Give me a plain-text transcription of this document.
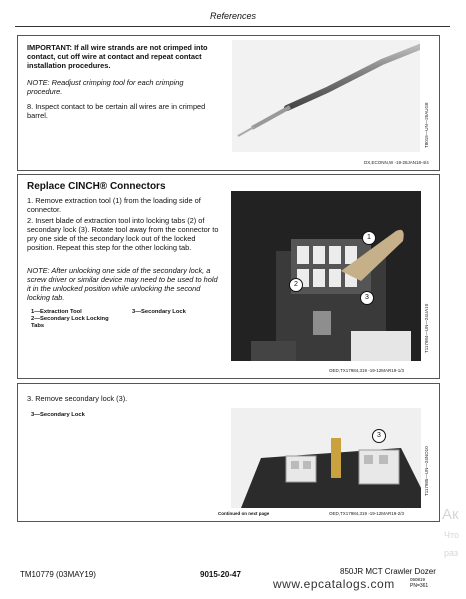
References
IMPORTANT: If all wire strands are not crimped into contact, cut off wire at contact and repeat contact installation procedures.
NOTE: Readjust crimping tool for each crimping procedure.
8. Inspect contact to be certain all wires are in crimped barrel.	T8015—UN—25AUG8
DX,ECONN,W -19-28JAN18-4/4
Replace CINCH® Connectors
1. Remove extraction tool (1) from the loading side of connector.
2. Insert blade of extraction tool into locking tabs (2) of secondary lock (3). Rotate tool away from the connector to pry one side of the secondary lock out of the locked position. Repeat this step for the other locking tab.
NOTE: After unlocking one side of the secondary lock, a screw driver or similar device may need to be used to hold it in the unlocked position while unlocking the second locking tab.
1—Extraction Tool
2—Secondary Lock Locking Tabs
3—Secondary Lock
1
2
3
T117984—UN—24UA10
OED,TX17984,319 -19-12MAR19-1/3
3. Remove secondary lock (3).
3—Secondary Lock
3
T117985—UN—24NO10
Continued on next page	OED,TX17984,319 -19-12MAR19-2/3
TM10779 (03MAY19)	9015-20-47	850JR MCT Crawler Dozer
050819
PN=361
Ак
Что
раз
www.epcatalogs.com
